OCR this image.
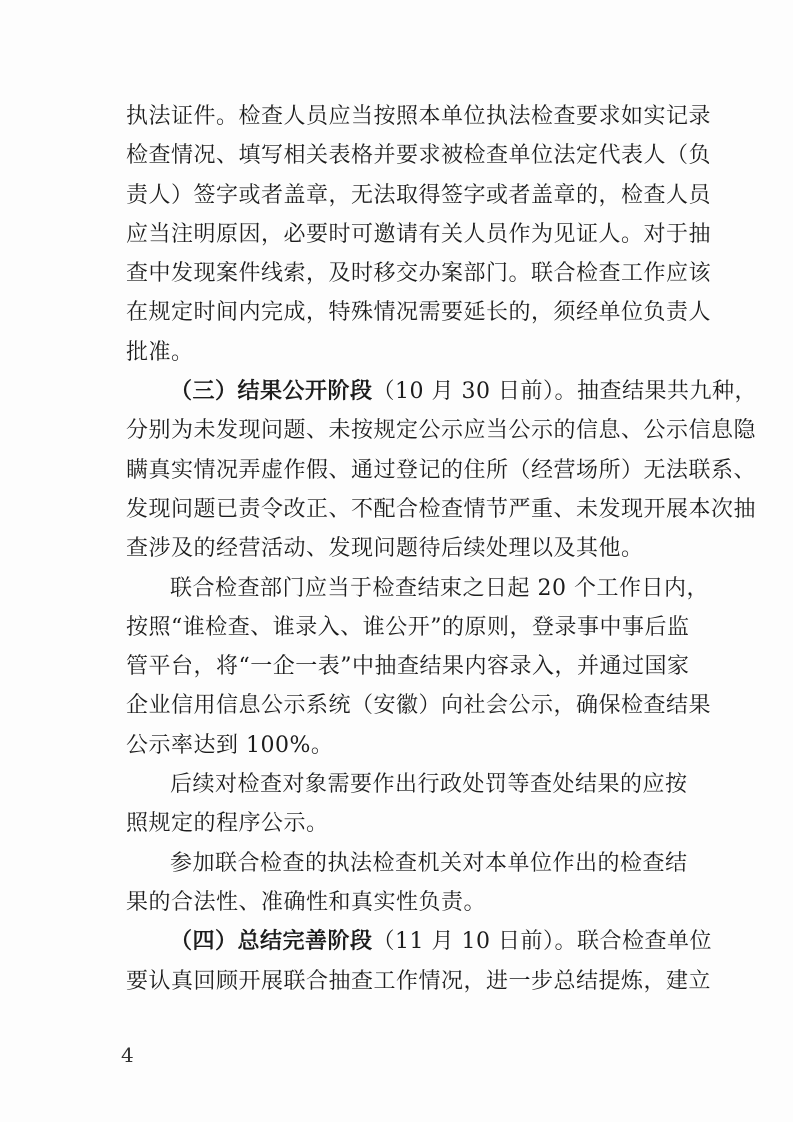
执法证件。检查人员应当按照本单位执法检查要求如实记录
检查情况、填写相关表格并要求被检查单位法定代表人（负
责人）签字或者盖章，无法取得签字或者盖章的，检查人员
应当注明原因，必要时可邀请有关人员作为见证人。对于抽
查中发现案件线索，及时移交办案部门。联合检查工作应该
在规定时间内完成，特殊情况需要延长的，须经单位负责人
批准。
（三）结果公开阶段（10 月 30 日前）。抽查结果共九种，
分别为未发现问题、未按规定公示应当公示的信息、公示信息隐
瞒真实情况弄虚作假、通过登记的住所（经营场所）无法联系、
发现问题已责令改正、不配合检查情节严重、未发现开展本次抽
查涉及的经营活动、发现问题待后续处理以及其他。
联合检查部门应当于检查结束之日起 20 个工作日内，
按照“谁检查、谁录入、谁公开”的原则，登录事中事后监
管平台，将“一企一表”中抽查结果内容录入，并通过国家
企业信用信息公示系统（安徽）向社会公示，确保检查结果
公示率达到 100%。
后续对检查对象需要作出行政处罚等查处结果的应按
照规定的程序公示。
参加联合检查的执法检查机关对本单位作出的检查结
果的合法性、准确性和真实性负责。
（四）总结完善阶段（11 月 10 日前）。联合检查单位
要认真回顾开展联合抽查工作情况，进一步总结提炼，建立
4
